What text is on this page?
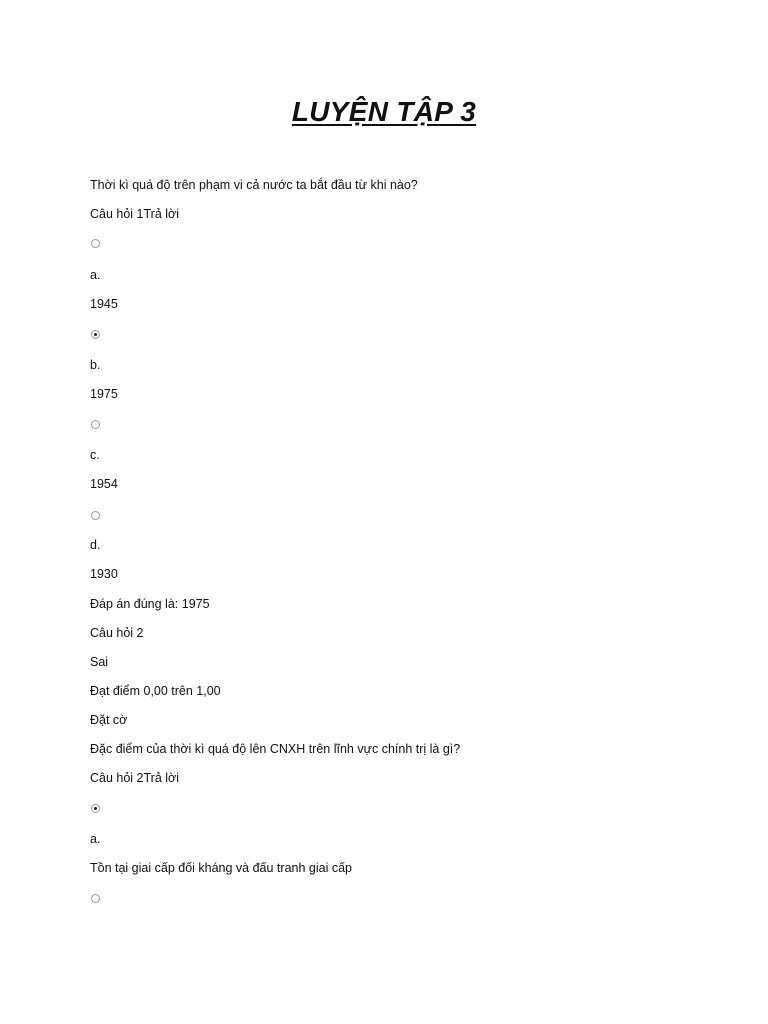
LUYỆN TẬP 3
Thời kì quá độ trên phạm vi cả nước ta bắt đầu từ khi nào?
Câu hỏi 1Trả lời
a.
1945
b.
1975
c.
1954
d.
1930
Đáp án đúng là: 1975
Câu hỏi 2
Sai
Đạt điểm 0,00 trên 1,00
Đặt cờ
Đặc điểm của thời kì quá độ lên CNXH trên lĩnh vực chính trị là gì?
Câu hỏi 2Trả lời
a.
Tồn tại giai cấp đối kháng và đấu tranh giai cấp
